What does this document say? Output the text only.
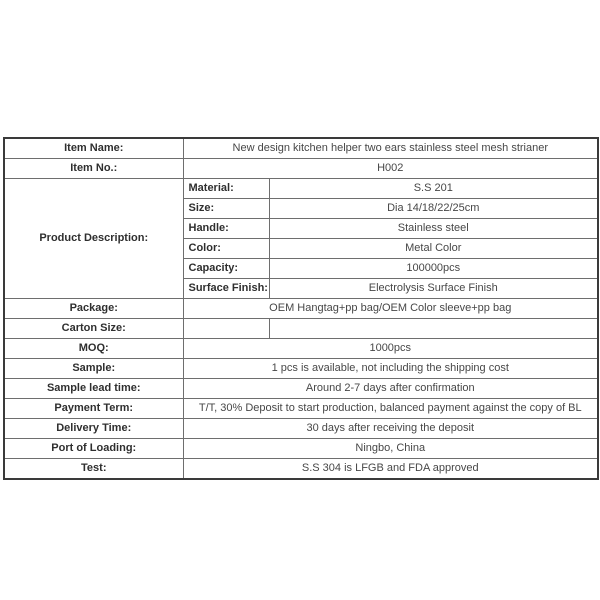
Item Name:	New design kitchen helper two ears stainless steel mesh strianer	
Item No.:	H002	
Product Description:	Material:	S.S 201
	Size:	Dia 14/18/22/25cm
	Handle:	Stainless steel
	Color:	Metal Color
	Capacity:	100000pcs
	Surface Finish:	Electrolysis Surface Finish
Package:	OEM Hangtag+pp bag/OEM Color sleeve+pp bag	
Carton Size:		
MOQ:	1000pcs	
Sample:	1 pcs is available, not including the shipping cost	
Sample lead time:	Around 2-7 days after confirmation	
Payment Term:	T/T, 30% Deposit to start production, balanced payment against the copy of BL	
Delivery Time:	30 days after receiving the deposit	
Port of Loading:	Ningbo, China	
Test:	S.S 304 is LFGB and FDA approved	
